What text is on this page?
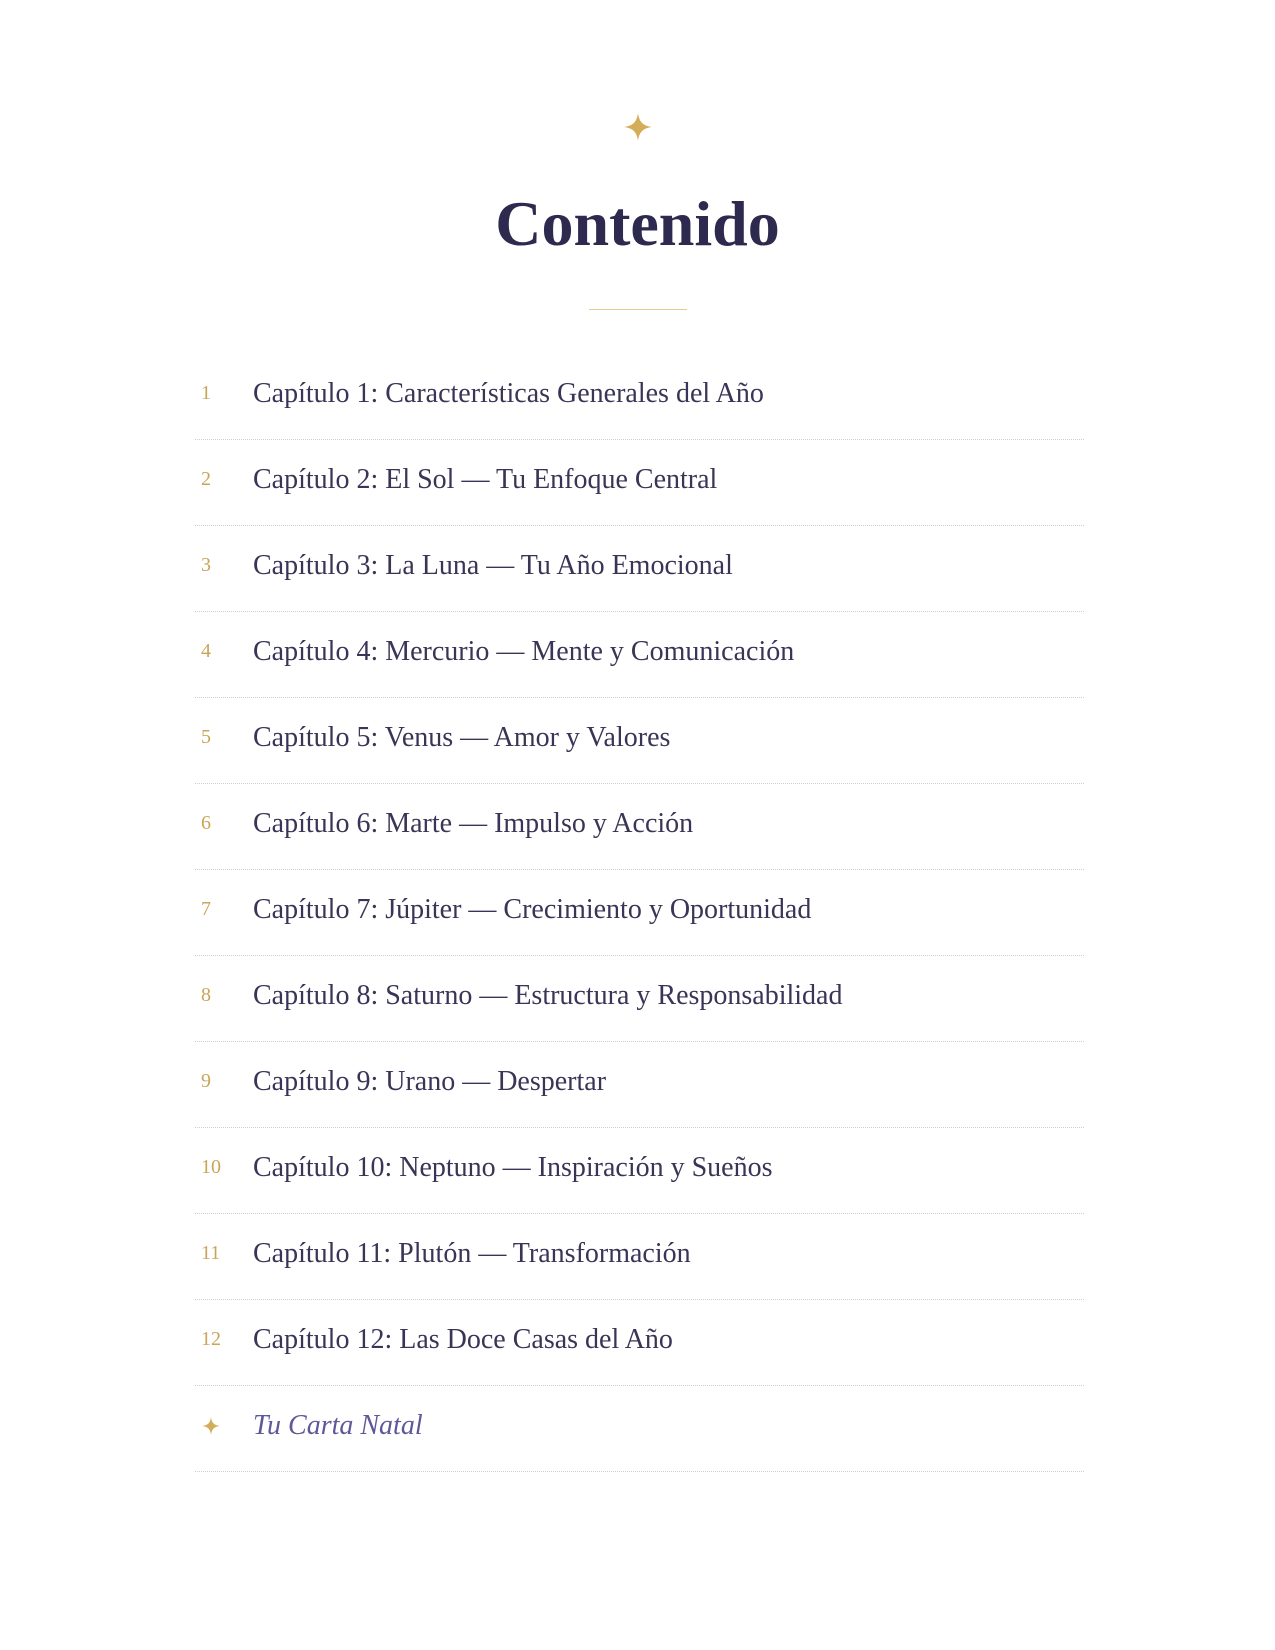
Contenido
1	Capítulo 1: Características Generales del Año
2	Capítulo 2: El Sol — Tu Enfoque Central
3	Capítulo 3: La Luna — Tu Año Emocional
4	Capítulo 4: Mercurio — Mente y Comunicación
5	Capítulo 5: Venus — Amor y Valores
6	Capítulo 6: Marte — Impulso y Acción
7	Capítulo 7: Júpiter — Crecimiento y Oportunidad
8	Capítulo 8: Saturno — Estructura y Responsabilidad
9	Capítulo 9: Urano — Despertar
10	Capítulo 10: Neptuno — Inspiración y Sueños
11	Capítulo 11: Plutón — Transformación
12	Capítulo 12: Las Doce Casas del Año
Tu Carta Natal
